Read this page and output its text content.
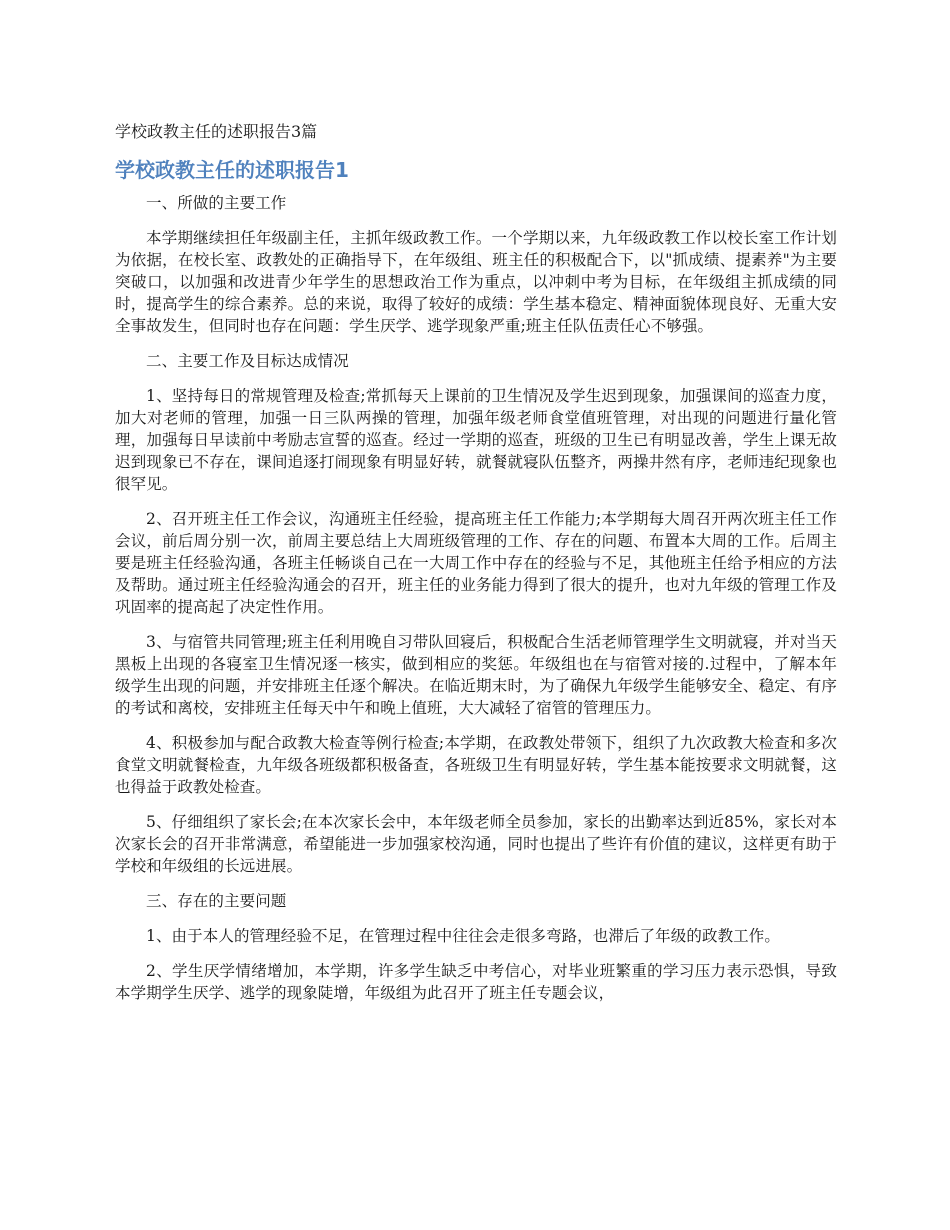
学校政教主任的述职报告3篇
学校政教主任的述职报告1

一、所做的主要工作

本学期继续担任年级副主任，主抓年级政教工作。一个学期以来，九年级政教工作以校长室工作计划为依据，在校长室、政教处的正确指导下，在年级组、班主任的积极配合下，以"抓成绩、提素养"为主要突破口，以加强和改进青少年学生的思想政治工作为重点，以冲刺中考为目标，在年级组主抓成绩的同时，提高学生的综合素养。总的来说，取得了较好的成绩：学生基本稳定、精神面貌体现良好、无重大安全事故发生，但同时也存在问题：学生厌学、逃学现象严重;班主任队伍责任心不够强。

二、主要工作及目标达成情况

1、坚持每日的常规管理及检查;常抓每天上课前的卫生情况及学生迟到现象，加强课间的巡查力度，加大对老师的管理，加强一日三队两操的管理，加强年级老师食堂值班管理，对出现的问题进行量化管理，加强每日早读前中考励志宣誓的巡查。经过一学期的巡查，班级的卫生已有明显改善，学生上课无故迟到现象已不存在，课间追逐打闹现象有明显好转，就餐就寝队伍整齐，两操井然有序，老师违纪现象也很罕见。

2、召开班主任工作会议，沟通班主任经验，提高班主任工作能力;本学期每大周召开两次班主任工作会议，前后周分别一次，前周主要总结上大周班级管理的工作、存在的问题、布置本大周的工作。后周主要是班主任经验沟通，各班主任畅谈自己在一大周工作中存在的经验与不足，其他班主任给予相应的方法及帮助。通过班主任经验沟通会的召开，班主任的业务能力得到了很大的提升，也对九年级的管理工作及巩固率的提高起了决定性作用。

3、与宿管共同管理;班主任利用晚自习带队回寝后，积极配合生活老师管理学生文明就寝，并对当天黑板上出现的各寝室卫生情况逐一核实，做到相应的奖惩。年级组也在与宿管对接的.过程中，了解本年级学生出现的问题，并安排班主任逐个解决。在临近期末时，为了确保九年级学生能够安全、稳定、有序的考试和离校，安排班主任每天中午和晚上值班，大大减轻了宿管的管理压力。

4、积极参加与配合政教大检查等例行检查;本学期，在政教处带领下，组织了九次政教大检查和多次食堂文明就餐检查，九年级各班级都积极备查，各班级卫生有明显好转，学生基本能按要求文明就餐，这也得益于政教处检查。

5、仔细组织了家长会;在本次家长会中，本年级老师全员参加，家长的出勤率达到近85%，家长对本次家长会的召开非常满意，希望能进一步加强家校沟通，同时也提出了些许有价值的建议，这样更有助于学校和年级组的长远进展。

三、存在的主要问题

1、由于本人的管理经验不足，在管理过程中往往会走很多弯路，也滞后了年级的政教工作。

2、学生厌学情绪增加，本学期，许多学生缺乏中考信心，对毕业班繁重的学习压力表示恐惧，导致本学期学生厌学、逃学的现象陡增，年级组为此召开了班主任专题会议，
